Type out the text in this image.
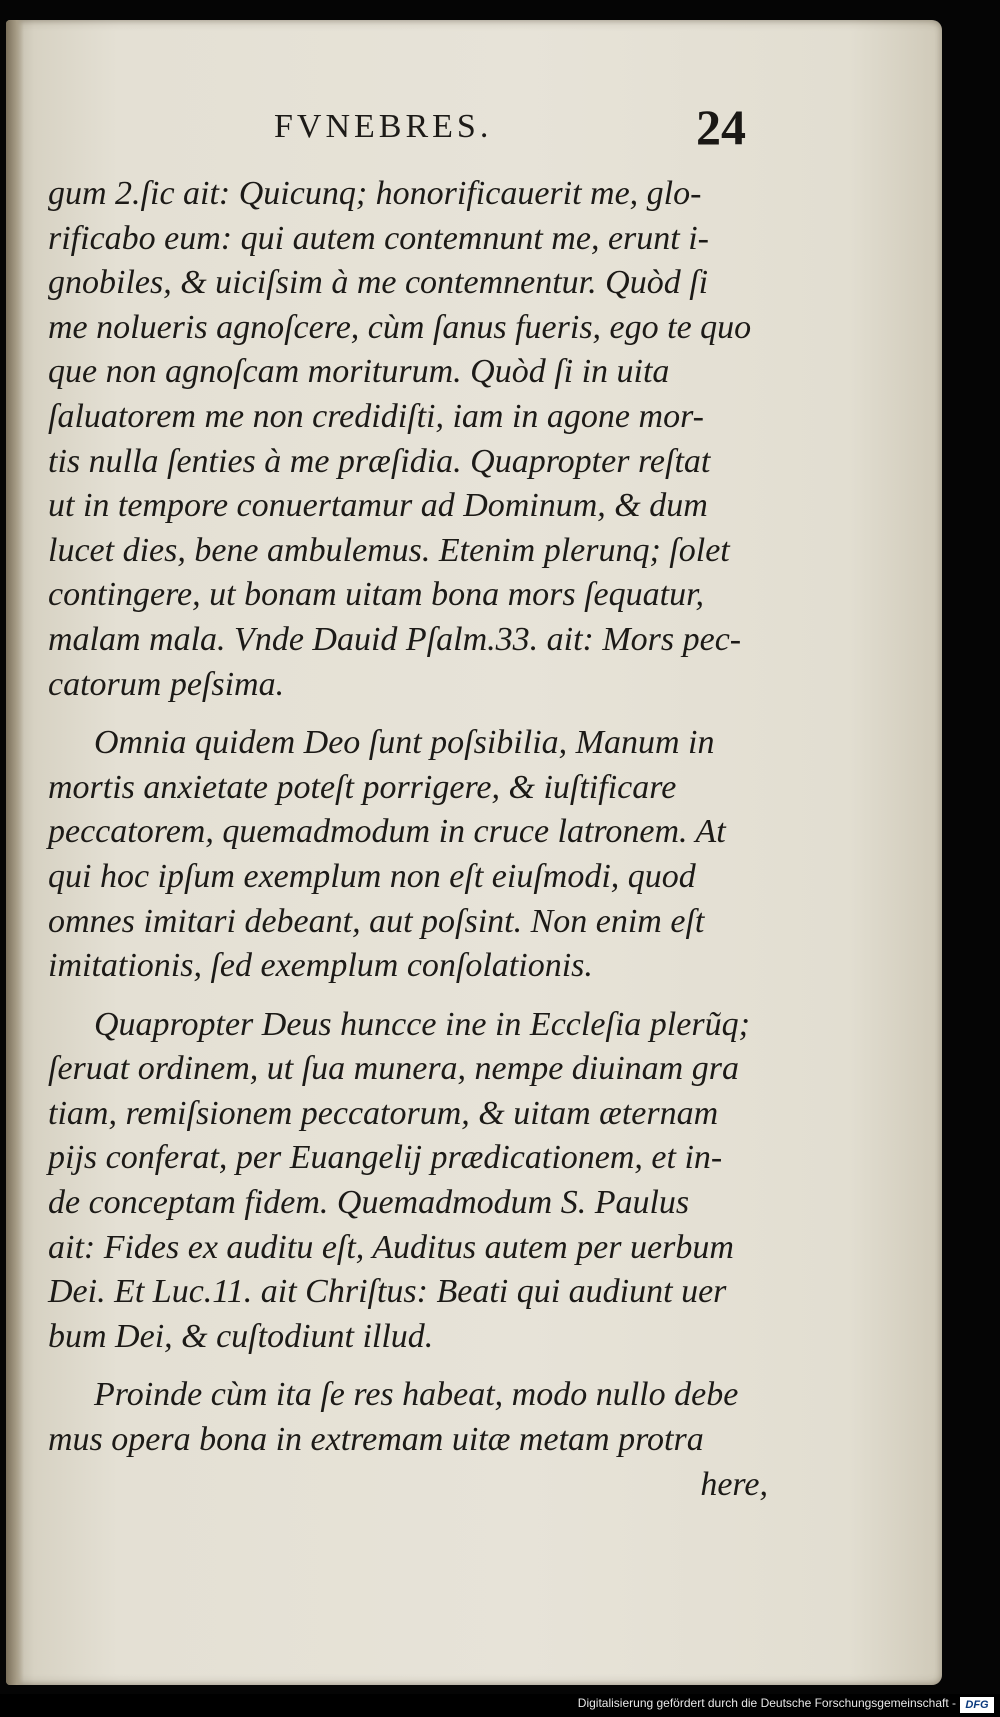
FVNEBRES.	24
gum 2.ſic ait: Quicunq; honorificauerit me, glo-
rificabo eum: qui autem contemnunt me, erunt i-
gnobiles, & uiciſsim à me contemnentur. Quòd ſi
me nolueris agnoſcere, cùm ſanus fueris, ego te quo
que non agnoſcam moriturum. Quòd ſi in uita
ſaluatorem me non credidiſti, iam in agone mor-
tis nulla ſenties à me præſidia. Quapropter reſtat
ut in tempore conuertamur ad Dominum, & dum
lucet dies, bene ambulemus. Etenim plerunq; ſolet
contingere, ut bonam uitam bona mors ſequatur,
malam mala. Vnde Dauid Pſalm.33. ait: Mors pec-
catorum peſsima.
Omnia quidem Deo ſunt poſsibilia, Manum in
mortis anxietate poteſt porrigere, & iuſtificare
peccatorem, quemadmodum in cruce latronem. At
qui hoc ipſum exemplum non eſt eiuſmodi, quod
omnes imitari debeant, aut poſsint. Non enim eſt
imitationis, ſed exemplum conſolationis.
Quapropter Deus huncce ine in Eccleſia plerũq;
ſeruat ordinem, ut ſua munera, nempe diuinam gra
tiam, remiſsionem peccatorum, & uitam æternam
pijs conferat, per Euangelij prædicationem, et in-
de conceptam fidem. Quemadmodum S. Paulus
ait: Fides ex auditu eſt, Auditus autem per uerbum
Dei. Et Luc.11. ait Chriſtus: Beati qui audiunt uer
bum Dei, & cuſtodiunt illud.
Proinde cùm ita ſe res habeat, modo nullo debe
mus opera bona in extremam uitæ metam protra
here,
Digitalisierung gefördert durch die Deutsche Forschungsgemeinschaft - DFG
